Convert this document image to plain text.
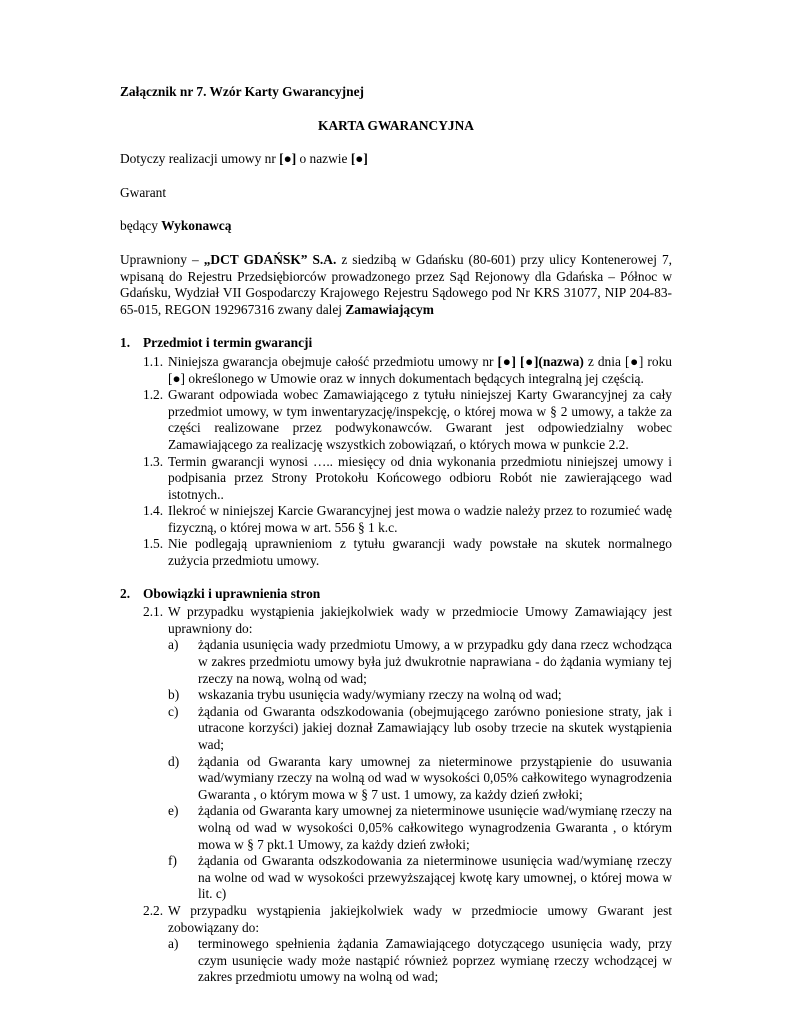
Załącznik nr 7. Wzór Karty Gwarancyjnej

KARTA GWARANCYJNA

Dotyczy realizacji umowy nr [●] o nazwie [●]

Gwarant

będący Wykonawcą

Uprawniony – „DCT GDAŃSK” S.A. z siedzibą w Gdańsku (80-601) przy ulicy Kontenerowej 7, wpisaną do Rejestru Przedsiębiorców prowadzonego przez Sąd Rejonowy dla Gdańska – Północ w Gdańsku, Wydział VII Gospodarczy Krajowego Rejestru Sądowego pod Nr KRS 31077, NIP 204-83-65-015, REGON 192967316 zwany dalej Zamawiającym

1. Przedmiot i termin gwarancji
1.1. Niniejsza gwarancja obejmuje całość przedmiotu umowy nr [●] [●](nazwa) z dnia [●] roku [●] określonego w Umowie oraz w innych dokumentach będących integralną jej częścią.
1.2. Gwarant odpowiada wobec Zamawiającego z tytułu niniejszej Karty Gwarancyjnej za cały przedmiot umowy, w tym inwentaryzację/inspekcję, o której mowa w § 2 umowy, a także za części realizowane przez podwykonawców. Gwarant jest odpowiedzialny wobec Zamawiającego za realizację wszystkich zobowiązań, o których mowa w punkcie 2.2.
1.3. Termin gwarancji wynosi ….. miesięcy od dnia wykonania przedmiotu niniejszej umowy i podpisania przez Strony Protokołu Końcowego odbioru Robót nie zawierającego wad istotnych..
1.4. Ilekroć w niniejszej Karcie Gwarancyjnej jest mowa o wadzie należy przez to rozumieć wadę fizyczną, o której mowa w art. 556 § 1 k.c.
1.5. Nie podlegają uprawnieniom z tytułu gwarancji wady powstałe na skutek normalnego zużycia przedmiotu umowy.
2. Obowiązki i uprawnienia stron
2.1. W przypadku wystąpienia jakiejkolwiek wady w przedmiocie Umowy Zamawiający jest uprawniony do:
a)	żądania usunięcia wady przedmiotu Umowy, a w przypadku gdy dana rzecz wchodząca w zakres przedmiotu umowy była już dwukrotnie naprawiana - do żądania wymiany tej rzeczy na nową, wolną od wad;
b)	wskazania trybu usunięcia wady/wymiany rzeczy na wolną od wad;
c)	żądania od Gwaranta odszkodowania (obejmującego zarówno poniesione straty, jak i utracone korzyści) jakiej doznał Zamawiający lub osoby trzecie na skutek wystąpienia wad;
d)	żądania od Gwaranta kary umownej za nieterminowe przystąpienie do usuwania wad/wymiany rzeczy na wolną od wad w wysokości 0,05% całkowitego wynagrodzenia Gwaranta , o którym mowa w § 7 ust. 1 umowy, za każdy dzień zwłoki;
e)	żądania od Gwaranta kary umownej za nieterminowe usunięcie wad/wymianę rzeczy na wolną od wad w wysokości 0,05% całkowitego wynagrodzenia Gwaranta , o którym mowa w § 7 pkt.1 Umowy, za każdy dzień zwłoki;
f)	żądania od Gwaranta odszkodowania za nieterminowe usunięcia wad/wymianę rzeczy na wolne od wad w wysokości przewyższającej kwotę kary umownej, o której mowa w lit. c)
2.2. W przypadku wystąpienia jakiejkolwiek wady w przedmiocie umowy Gwarant jest zobowiązany do:
a)	terminowego spełnienia żądania Zamawiającego dotyczącego usunięcia wady, przy czym usunięcie wady może nastąpić również poprzez wymianę rzeczy wchodzącej w zakres przedmiotu umowy na wolną od wad;
